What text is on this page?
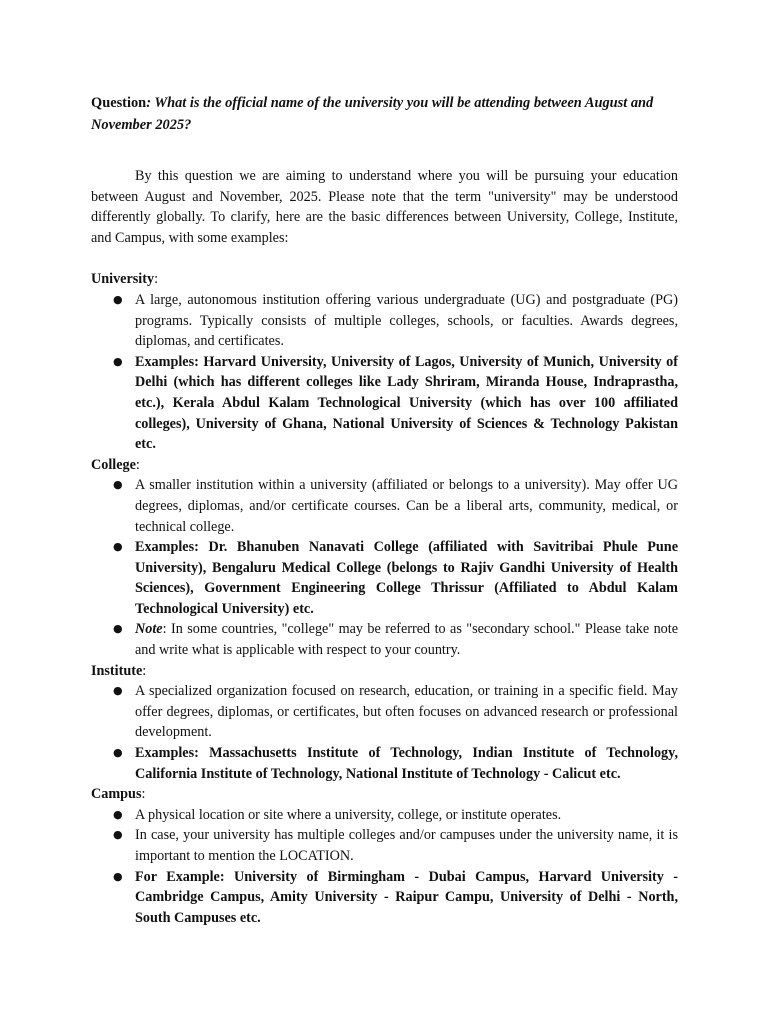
Question: What is the official name of the university you will be attending between August and November 2025?

By this question we are aiming to understand where you will be pursuing your education between August and November, 2025. Please note that the term "university" may be understood differently globally. To clarify, here are the basic differences between University, College, Institute, and Campus, with some examples:

University:

● A large, autonomous institution offering various undergraduate (UG) and postgraduate (PG) programs. Typically consists of multiple colleges, schools, or faculties. Awards degrees, diplomas, and certificates.
● Examples: Harvard University, University of Lagos, University of Munich, University of Delhi (which has different colleges like Lady Shriram, Miranda House, Indraprastha, etc.), Kerala Abdul Kalam Technological University (which has over 100 affiliated colleges), University of Ghana, National University of Sciences & Technology Pakistan etc.

College:

● A smaller institution within a university (affiliated or belongs to a university). May offer UG degrees, diplomas, and/or certificate courses. Can be a liberal arts, community, medical, or technical college.
● Examples: Dr. Bhanuben Nanavati College (affiliated with Savitribai Phule Pune University), Bengaluru Medical College (belongs to Rajiv Gandhi University of Health Sciences), Government Engineering College Thrissur (Affiliated to Abdul Kalam Technological University) etc.
● Note: In some countries, "college" may be referred to as "secondary school." Please take note and write what is applicable with respect to your country.

Institute:

● A specialized organization focused on research, education, or training in a specific field. May offer degrees, diplomas, or certificates, but often focuses on advanced research or professional development.
● Examples: Massachusetts Institute of Technology, Indian Institute of Technology, California Institute of Technology, National Institute of Technology - Calicut etc.

Campus:

● A physical location or site where a university, college, or institute operates.
● In case, your university has multiple colleges and/or campuses under the university name, it is important to mention the LOCATION.
● For Example: University of Birmingham - Dubai Campus, Harvard University - Cambridge Campus, Amity University - Raipur Campu, University of Delhi - North, South Campuses etc.
